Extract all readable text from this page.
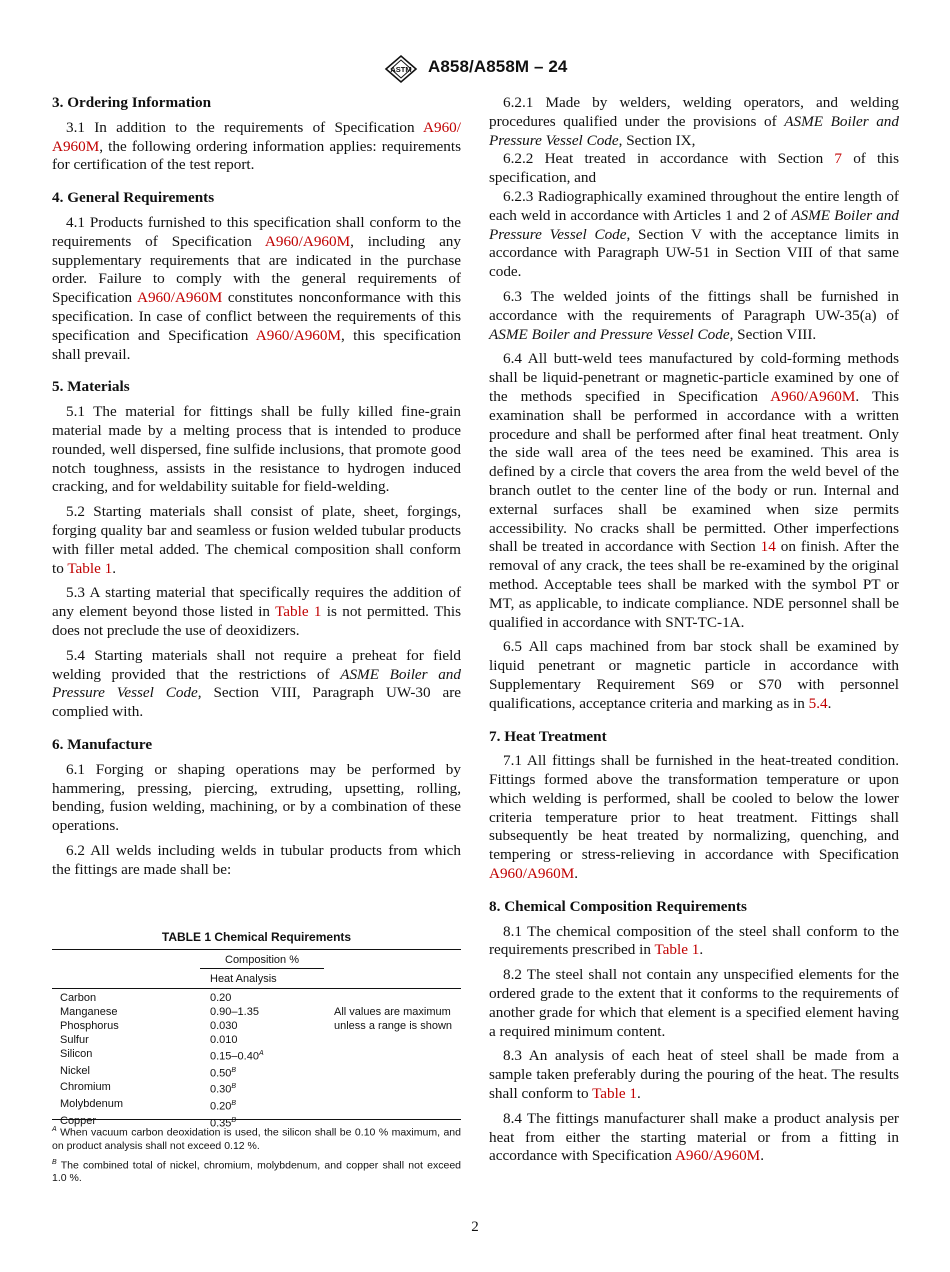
ASTM A858/A858M – 24
3. Ordering Information

3.1 In addition to the requirements of Specification A960/ A960M, the following ordering information applies: requirements for certification of the test report.

4. General Requirements

4.1 Products furnished to this specification shall conform to the requirements of Specification A960/A960M, including any supplementary requirements that are indicated in the purchase order. Failure to comply with the general requirements of Specification A960/A960M constitutes nonconformance with this specification. In case of conflict between the requirements of this specification and Specification A960/A960M, this specification shall prevail.

5. Materials

5.1 The material for fittings shall be fully killed fine-grain material made by a melting process that is intended to produce rounded, well dispersed, fine sulfide inclusions, that promote good notch toughness, assists in the resistance to hydrogen induced cracking, and for weldability suitable for field-welding.

5.2 Starting materials shall consist of plate, sheet, forgings, forging quality bar and seamless or fusion welded tubular products with filler metal added. The chemical composition shall conform to Table 1.

5.3 A starting material that specifically requires the addition of any element beyond those listed in Table 1 is not permitted. This does not preclude the use of deoxidizers.

5.4 Starting materials shall not require a preheat for field welding provided that the restrictions of ASME Boiler and Pressure Vessel Code, Section VIII, Paragraph UW-30 are complied with.

6. Manufacture

6.1 Forging or shaping operations may be performed by hammering, pressing, piercing, extruding, upsetting, rolling, bending, fusion welding, machining, or by a combination of these operations.

6.2 All welds including welds in tubular products from which the fittings are made shall be:

TABLE 1 Chemical Requirements
Composition %
Heat Analysis
Carbon	0.20
Manganese	0.90–1.35
Phosphorus	0.030
Sulfur	0.010
Silicon	$0.15-0.40^A$
Nickel	$0.50^B$
Chromium	$0.30^B$
Molybdenum	$0.20^B$
Copper	$0.35^B$
All values are maximum unless a range is shown
$^A$ When vacuum carbon deoxidation is used, the silicon shall be 0.10 % maximum, and on product analysis shall not exceed 0.12 %.
$^B$ The combined total of nickel, chromium, molybdenum, and copper shall not exceed 1.0 %.

6.2.1 Made by welders, welding operators, and welding procedures qualified under the provisions of ASME Boiler and Pressure Vessel Code, Section IX,

6.2.2 Heat treated in accordance with Section 7 of this specification, and

6.2.3 Radiographically examined throughout the entire length of each weld in accordance with Articles 1 and 2 of ASME Boiler and Pressure Vessel Code, Section V with the acceptance limits in accordance with Paragraph UW-51 in Section VIII of that same code.

6.3 The welded joints of the fittings shall be furnished in accordance with the requirements of Paragraph UW-35(a) of ASME Boiler and Pressure Vessel Code, Section VIII.

6.4 All butt-weld tees manufactured by cold-forming methods shall be liquid-penetrant or magnetic-particle examined by one of the methods specified in Specification A960/A960M. This examination shall be performed in accordance with a written procedure and shall be performed after final heat treatment. Only the side wall area of the tees need be examined. This area is defined by a circle that covers the area from the weld bevel of the branch outlet to the center line of the body or run. Internal and external surfaces shall be examined when size permits accessibility. No cracks shall be permitted. Other imperfections shall be treated in accordance with Section 14 on finish. After the removal of any crack, the tees shall be re-examined by the original method. Acceptable tees shall be marked with the symbol PT or MT, as applicable, to indicate compliance. NDE personnel shall be qualified in accordance with SNT-TC-1A.

6.5 All caps machined from bar stock shall be examined by liquid penetrant or magnetic particle in accordance with Supplementary Requirement S69 or S70 with personnel qualifications, acceptance criteria and marking as in 5.4.

7. Heat Treatment

7.1 All fittings shall be furnished in the heat-treated condition. Fittings formed above the transformation temperature or upon which welding is performed, shall be cooled to below the lower criteria temperature prior to heat treatment. Fittings shall subsequently be heat treated by normalizing, quenching, and tempering or stress-relieving in accordance with Specification A960/A960M.

8. Chemical Composition Requirements

8.1 The chemical composition of the steel shall conform to the requirements prescribed in Table 1.

8.2 The steel shall not contain any unspecified elements for the ordered grade to the extent that it conforms to the requirements of another grade for which that element is a specified element having a required minimum content.

8.3 An analysis of each heat of steel shall be made from a sample taken preferably during the pouring of the heat. The results shall conform to Table 1.

8.4 The fittings manufacturer shall make a product analysis per heat from either the starting material or from a fitting in accordance with Specification A960/A960M.

2
